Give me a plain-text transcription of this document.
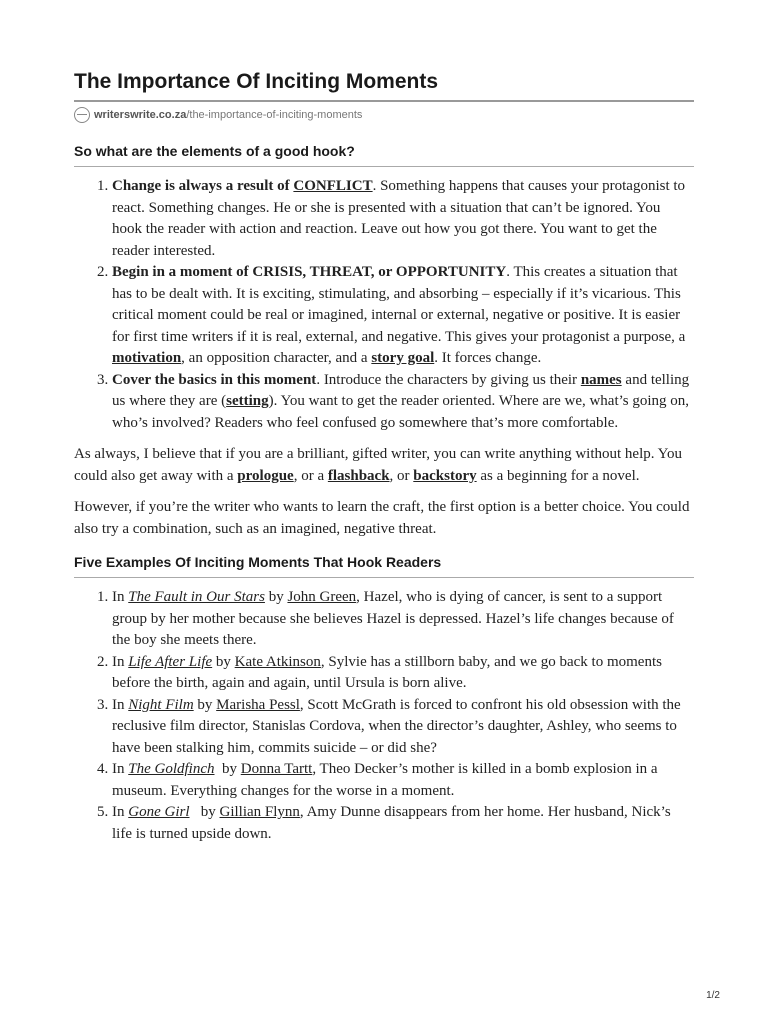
The Importance Of Inciting Moments
writerswrite.co.za /the-importance-of-inciting-moments
So what are the elements of a good hook?
1. Change is always a result of CONFLICT. Something happens that causes your protagonist to react. Something changes. He or she is presented with a situation that can’t be ignored. You hook the reader with action and reaction. Leave out how you got there. You want to get the reader interested.
2. Begin in a moment of CRISIS, THREAT, or OPPORTUNITY. This creates a situation that has to be dealt with. It is exciting, stimulating, and absorbing – especially if it’s vicarious. This critical moment could be real or imagined, internal or external, negative or positive. It is easier for first time writers if it is real, external, and negative. This gives your protagonist a purpose, a motivation, an opposition character, and a story goal. It forces change.
3. Cover the basics in this moment. Introduce the characters by giving us their names and telling us where they are (setting). You want to get the reader oriented. Where are we, what’s going on, who’s involved? Readers who feel confused go somewhere that’s more comfortable.

As always, I believe that if you are a brilliant, gifted writer, you can write anything without help. You could also get away with a prologue, or a flashback, or backstory as a beginning for a novel.

However, if you’re the writer who wants to learn the craft, the first option is a better choice. You could also try a combination, such as an imagined, negative threat.

Five Examples Of Inciting Moments That Hook Readers
1. In The Fault in Our Stars by John Green, Hazel, who is dying of cancer, is sent to a support group by her mother because she believes Hazel is depressed. Hazel’s life changes because of the boy she meets there.
2. In Life After Life by Kate Atkinson, Sylvie has a stillborn baby, and we go back to moments before the birth, again and again, until Ursula is born alive.
3. In Night Film by Marisha Pessl, Scott McGrath is forced to confront his old obsession with the reclusive film director, Stanislas Cordova, when the director’s daughter, Ashley, who seems to have been stalking him, commits suicide – or did she?
4. In The Goldfinch  by Donna Tartt, Theo Decker’s mother is killed in a bomb explosion in a museum. Everything changes for the worse in a moment.
5. In Gone Girl   by Gillian Flynn, Amy Dunne disappears from her home. Her husband, Nick’s life is turned upside down.
1/2
